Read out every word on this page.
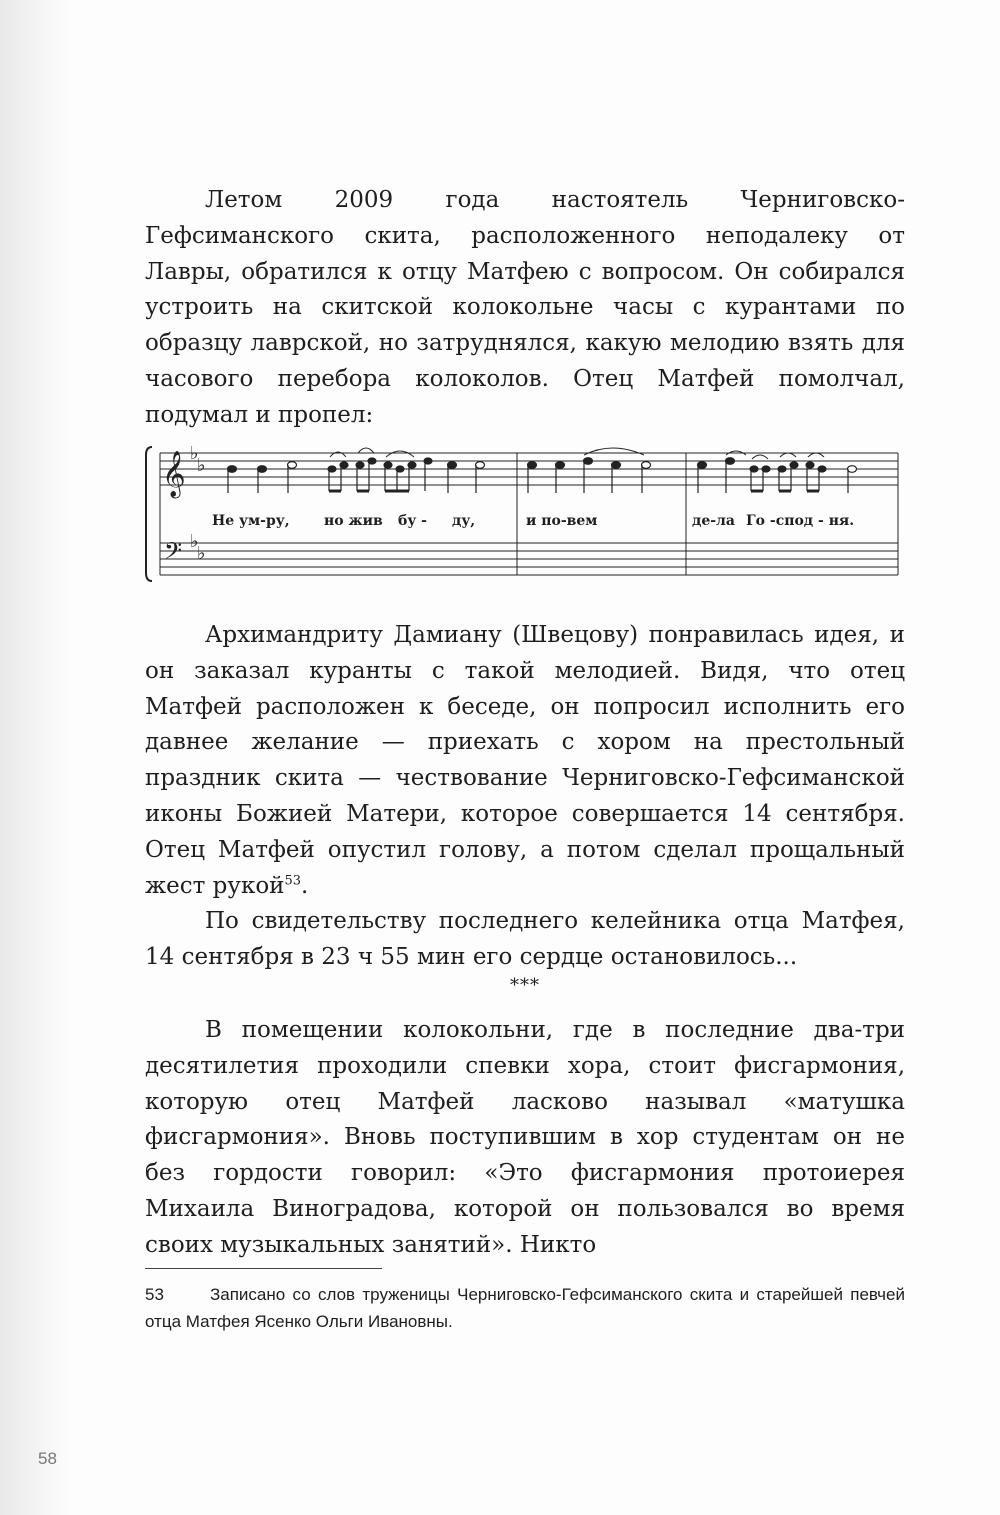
Летом 2009 года настоятель Черниговско-Гефсиманского скита, расположенного неподалеку от Лавры, обратился к отцу Матфею с вопросом. Он собирался устроить на скитской колокольне часы с курантами по образцу лаврской, но затруднялся, какую мелодию взять для часового перебора колоколов. Отец Матфей помолчал, подумал и пропел:

𝄞
𝄢
♭
♭
♭
♭
Не ум-ру, но жив бу - ду,	и по-вем	де-ла Го -спод - ня.

Архимандриту Дамиану (Швецову) понравилась идея, и он заказал куранты с такой мелодией. Видя, что отец Матфей расположен к беседе, он попросил исполнить его давнее желание — приехать с хором на престольный праздник скита — чествование Черниговско-Гефсиманской иконы Божией Матери, которое совершается 14 сентября. Отец Матфей опустил голову, а потом сделал прощальный жест рукой$^{53}$.

По свидетельству последнего келейника отца Матфея, 14 сентября в 23 ч 55 мин его сердце остановилось...

***

В помещении колокольни, где в последние два-три десятилетия проходили спевки хора, стоит фисгармония, которую отец Матфей ласково называл «матушка фисгармония». Вновь поступившим в хор студентам он не без гордости говорил: «Это фисгармония протоиерея Михаила Виноградова, которой он пользовался во время своих музыкальных занятий». Никто

53	Записано со слов труженицы Черниговско-Гефсиманского скита и старейшей певчей отца Матфея Ясенко Ольги Ивановны.
58
